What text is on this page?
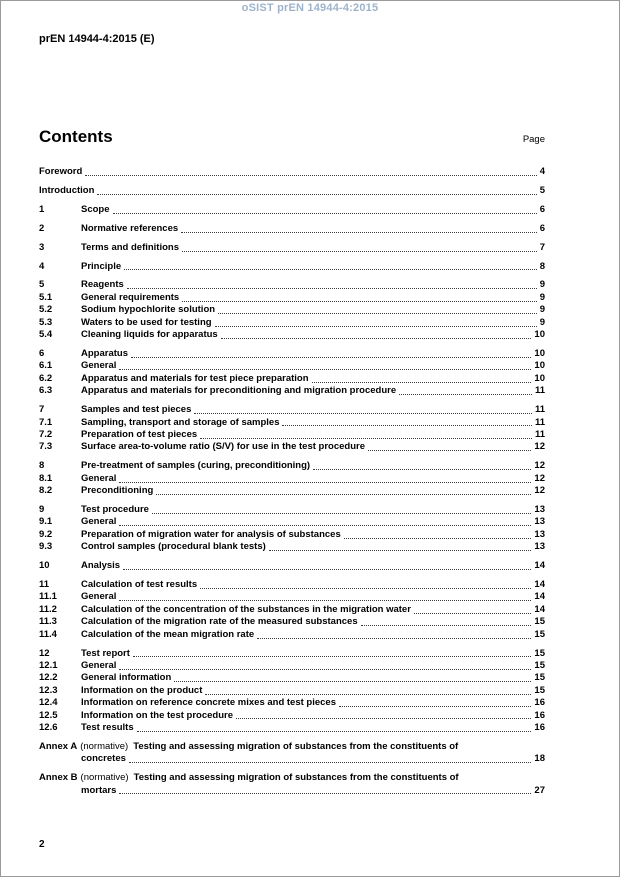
oSIST prEN 14944-4:2015
prEN 14944-4:2015 (E)
Contents	Page
Foreword	4
Introduction	5
1	Scope	6
2	Normative references	6
3	Terms and definitions	7
4	Principle	8
5	Reagents	9
5.1	General requirements	9
5.2	Sodium hypochlorite solution	9
5.3	Waters to be used for testing	9
5.4	Cleaning liquids for apparatus	10
6	Apparatus	10
6.1	General	10
6.2	Apparatus and materials for test piece preparation	10
6.3	Apparatus and materials for preconditioning and migration procedure	11
7	Samples and test pieces	11
7.1	Sampling, transport and storage of samples	11
7.2	Preparation of test pieces	11
7.3	Surface area-to-volume ratio (S/V) for use in the test procedure	12
8	Pre-treatment of samples (curing, preconditioning)	12
8.1	General	12
8.2	Preconditioning	12
9	Test procedure	13
9.1	General	13
9.2	Preparation of migration water for analysis of substances	13
9.3	Control samples (procedural blank tests)	13
10	Analysis	14
11	Calculation of test results	14
11.1	General	14
11.2	Calculation of the concentration of the substances in the migration water	14
11.3	Calculation of the migration rate of the measured substances	15
11.4	Calculation of the mean migration rate	15
12	Test report	15
12.1	General	15
12.2	General information	15
12.3	Information on the product	15
12.4	Information on reference concrete mixes and test pieces	16
12.5	Information on the test procedure	16
12.6	Test results	16
Annex A (normative) Testing and assessing migration of substances from the constituents of
concretes	18
Annex B (normative) Testing and assessing migration of substances from the constituents of
mortars	27
2
